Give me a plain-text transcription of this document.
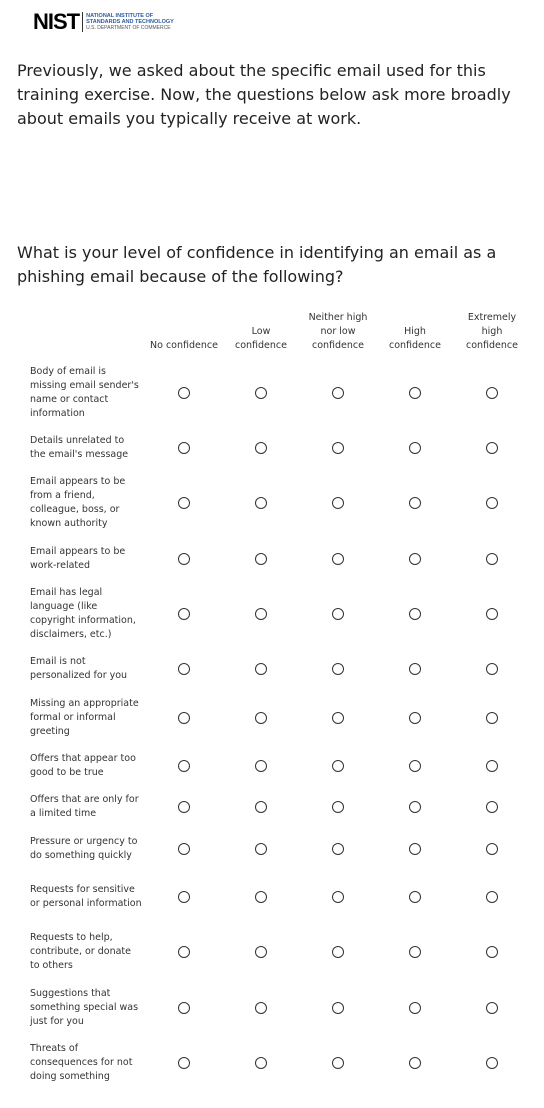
NIST NATIONAL INSTITUTE OF
STANDARDS AND TECHNOLOGY
U.S. DEPARTMENT OF COMMERCE

Previously, we asked about the specific email used for this training exercise. Now, the questions below ask more broadly about emails you typically receive at work.

What is your level of confidence in identifying an email as a phishing email because of the following?

No confidence
Low confidence
Neither high nor low confidence
High confidence
Extremely high confidence
Body of email is missing email sender's name or contact information
Details unrelated to the email's message
Email appears to be from a friend, colleague, boss, or known authority
Email appears to be work-related
Email has legal language (like copyright information, disclaimers, etc.)
Email is not personalized for you
Missing an appropriate formal or informal greeting
Offers that appear too good to be true
Offers that are only for a limited time
Pressure or urgency to do something quickly
Requests for sensitive or personal information
Requests to help, contribute, or donate to others
Suggestions that something special was just for you
Threats of consequences for not doing something
